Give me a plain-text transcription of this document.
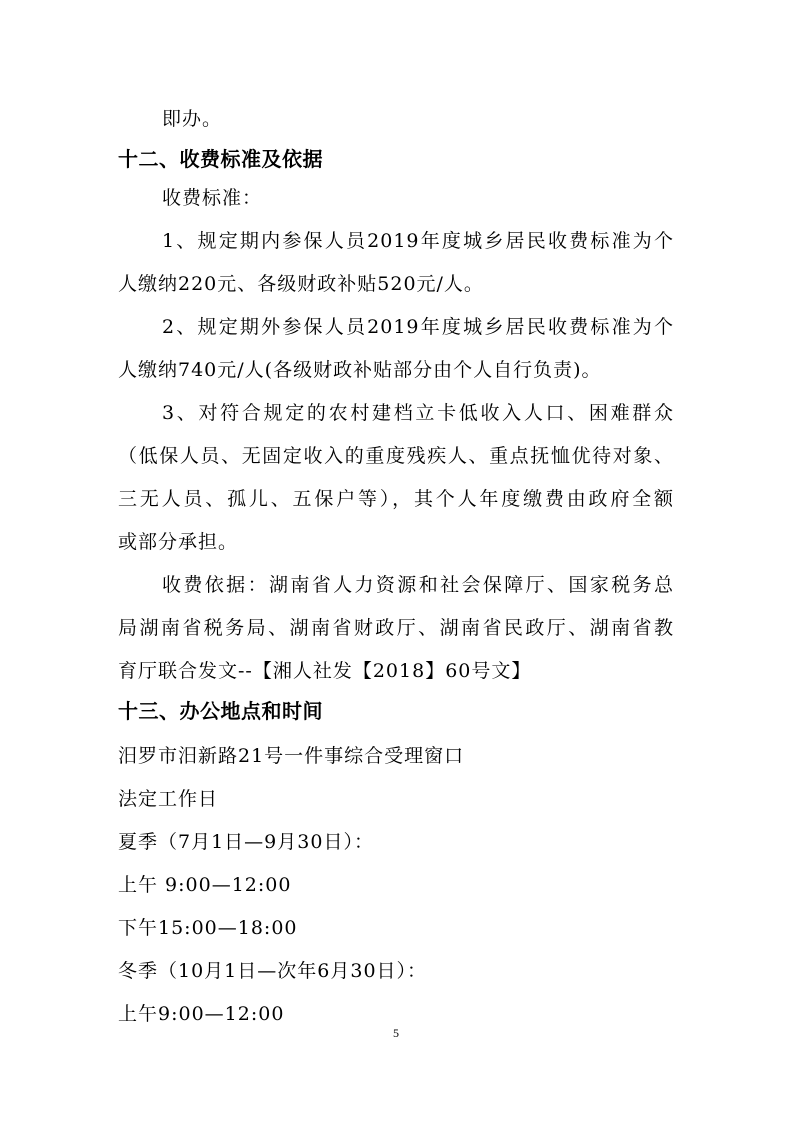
即办。
十二、收费标准及依据
收费标准：
1、规定期内参保人员2019年度城乡居民收费标准为个
人缴纳220元、各级财政补贴520元/人。
2、规定期外参保人员2019年度城乡居民收费标准为个
人缴纳740元/人(各级财政补贴部分由个人自行负责)。
3、对符合规定的农村建档立卡低收入人口、困难群众
（低保人员、无固定收入的重度残疾人、重点抚恤优待对象、
三无人员、孤儿、五保户等），其个人年度缴费由政府全额
或部分承担。
收费依据：湖南省人力资源和社会保障厅、国家税务总
局湖南省税务局、湖南省财政厅、湖南省民政厅、湖南省教
育厅联合发文--【湘人社发【2018】60号文】
十三、办公地点和时间
汨罗市汨新路21号一件事综合受理窗口
法定工作日
夏季（7月1日—9月30日）：
上午 9:00—12:00
下午15:00—18:00
冬季（10月1日—次年6月30日）：
上午9:00—12:00
5
